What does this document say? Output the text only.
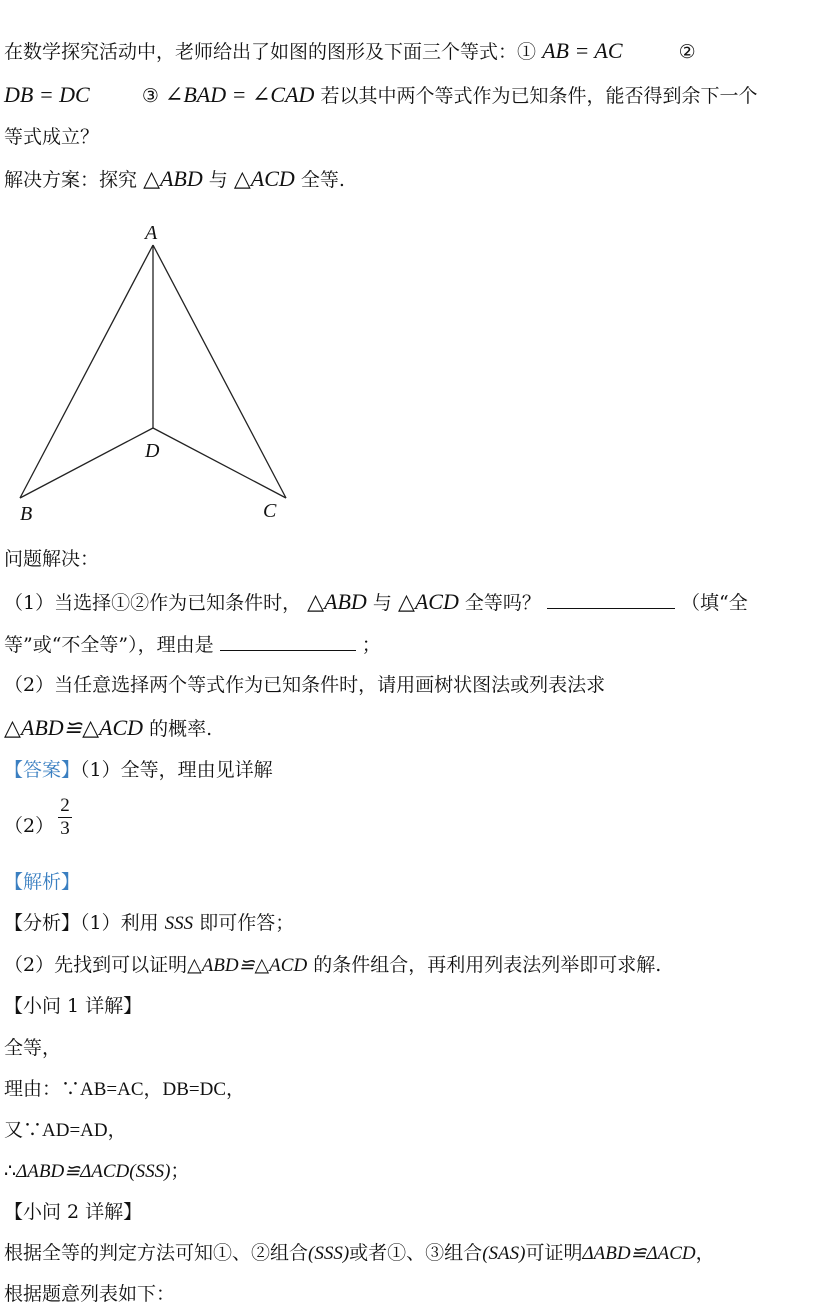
在数学探究活动中，老师给出了如图的图形及下面三个等式：① AB = AC	②
DB = DC	③ ∠BAD = ∠CAD 若以其中两个等式作为已知条件，能否得到余下一个
等式成立？
解决方案：探究 △ABD 与 △ACD 全等.
A
B	C
D
问题解决：
（1）当选择①②作为已知条件时， △ABD 与 △ACD 全等吗？	（填“全
等”或“不全等”），理由是	；
（2）当任意选择两个等式作为已知条件时，请用画树状图法或列表法求
△ABD≌△ACD 的概率.
【答案】（1）全等，理由见详解
（2）
2
3
【解析】
【分析】（1）利用 SSS 即可作答；
（2）先找到可以证明△ABD≌△ACD 的条件组合，再利用列表法列举即可求解.
【小问 1 详解】
全等，
理由：∵AB=AC，DB=DC，
又∵AD=AD，
∴ΔABD≌ΔACD(SSS)；
【小问 2 详解】
根据全等的判定方法可知①、②组合(SSS)或者①、③组合(SAS)可证明ΔABD≌ΔACD，
根据题意列表如下：
